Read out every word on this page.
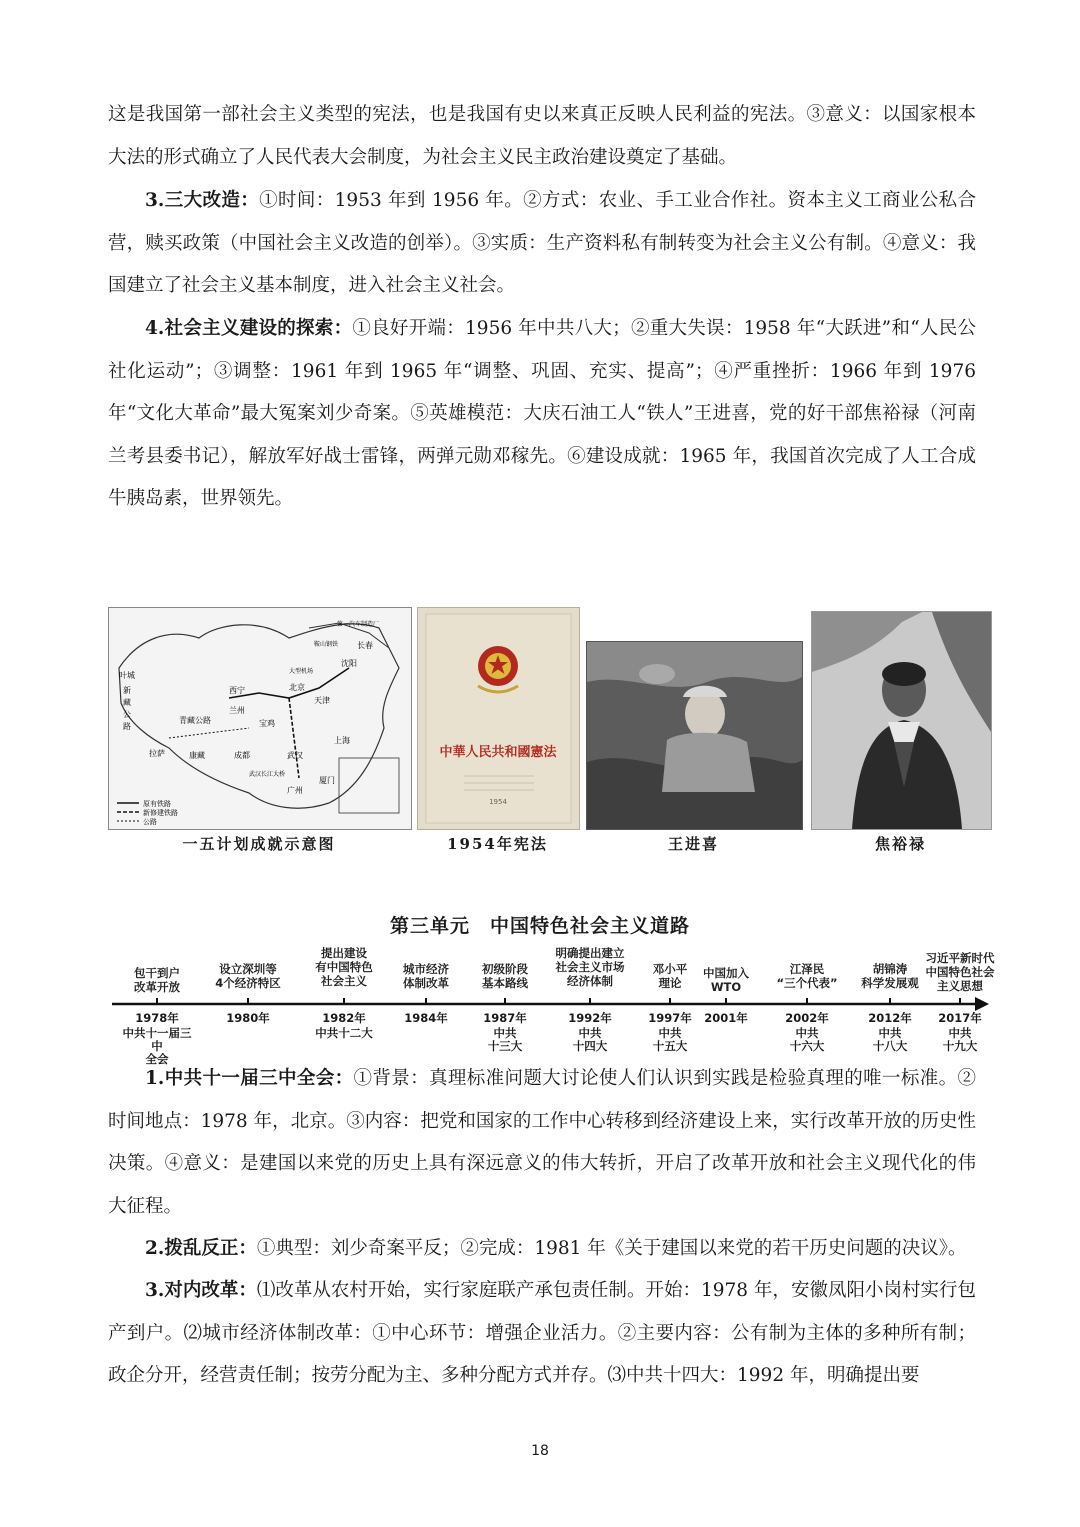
这是我国第一部社会主义类型的宪法，也是我国有史以来真正反映人民利益的宪法。③意义：以国家根本大法的形式确立了人民代表大会制度，为社会主义民主政治建设奠定了基础。

3.三大改造：①时间：1953 年到 1956 年。②方式：农业、手工业合作社。资本主义工商业公私合营，赎买政策（中国社会主义改造的创举）。③实质：生产资料私有制转变为社会主义公有制。④意义：我国建立了社会主义基本制度，进入社会主义社会。

4.社会主义建设的探索：①良好开端：1956 年中共八大；②重大失误：1958 年“大跃进”和“人民公社化运动”；③调整：1961 年到 1965 年“调整、巩固、充实、提高”；④严重挫折：1966 年到 1976 年“文化大革命”最大冤案刘少奇案。⑤英雄模范：大庆石油工人“铁人”王进喜，党的好干部焦裕禄（河南兰考县委书记），解放军好战士雷锋，两弹元勋邓稼先。⑥建设成就：1965 年，我国首次完成了人工合成牛胰岛素，世界领先。

原有铁路
新修建铁路
公路
叶城
新
藏
公
路
青藏公路
西宁
兰州
宝鸡
北京
沈阳
长春
第一汽车制造厂
鞍山钢铁
大型机场
拉萨	成都	武汉
上海
武汉长江大桥
康藏
广州
厦门
天津
一五计划成就示意图
中華人民共和國憲法
1954
1954年宪法	王进喜	焦裕禄
第三单元　中国特色社会主义道路
包干到户
改革开放
1978年
中共十一届三中
全会
设立深圳等
4个经济特区
1980年
提出建设
有中国特色
社会主义
1982年
中共十二大
城市经济
体制改革
1984年
初级阶段
基本路线
1987年
中共
十三大
明确提出建立
社会主义市场
经济体制
1992年
中共
十四大
邓小平
理论
1997年
中共
十五大
中国加入
WTO
2001年
江泽民
“三个代表”
2002年
中共
十六大
胡锦涛
科学发展观
2012年
中共
十八大
习近平新时代
中国特色社会
主义思想
2017年
中共
十九大

1.中共十一届三中全会：①背景：真理标准问题大讨论使人们认识到实践是检验真理的唯一标准。②时间地点：1978 年，北京。③内容：把党和国家的工作中心转移到经济建设上来，实行改革开放的历史性决策。④意义：是建国以来党的历史上具有深远意义的伟大转折，开启了改革开放和社会主义现代化的伟大征程。

2.拨乱反正：①典型：刘少奇案平反；②完成：1981 年《关于建国以来党的若干历史问题的决议》。

3.对内改革：⑴改革从农村开始，实行家庭联产承包责任制。开始：1978 年，安徽凤阳小岗村实行包产到户。⑵城市经济体制改革：①中心环节：增强企业活力。②主要内容：公有制为主体的多种所有制；政企分开，经营责任制；按劳分配为主、多种分配方式并存。⑶中共十四大：1992 年，明确提出要

18
